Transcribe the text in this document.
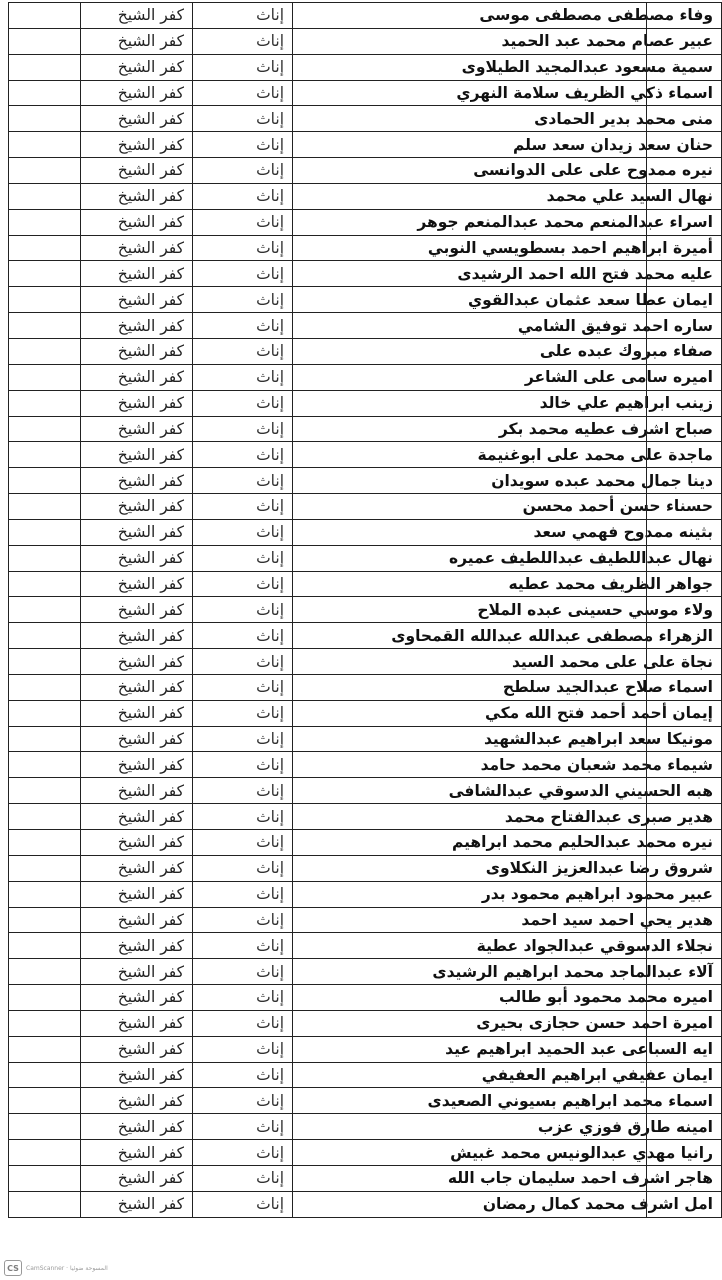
وفاء مصطفى مصطفى موسى	إناث	كفر الشيخ	
عبير عصام محمد عبد الحميد	إناث	كفر الشيخ	
سمية مسعود عبدالمجيد الطيلاوى	إناث	كفر الشيخ	
اسماء ذكي الظريف سلامة النهري	إناث	كفر الشيخ	
منى محمد بدير الحمادى	إناث	كفر الشيخ	
حنان سعد زيدان سعد سلم	إناث	كفر الشيخ	
نيره ممدوح على على الدوانسى	إناث	كفر الشيخ	
نهال السيد علي محمد	إناث	كفر الشيخ	
اسراء عبدالمنعم محمد عبدالمنعم جوهر	إناث	كفر الشيخ	
أميرة ابراهيم احمد بسطويسي النوبي	إناث	كفر الشيخ	
عليه محمد فتح الله احمد الرشيدى	إناث	كفر الشيخ	
ايمان عطا سعد عثمان عبدالقوي	إناث	كفر الشيخ	
ساره احمد توفيق الشامي	إناث	كفر الشيخ	
صفاء مبروك عبده على	إناث	كفر الشيخ	
اميره سامى على الشاعر	إناث	كفر الشيخ	
زينب ابراهيم علي خالد	إناث	كفر الشيخ	
صباح اشرف عطيه محمد بكر	إناث	كفر الشيخ	
ماجدة على محمد على ابوغنيمة	إناث	كفر الشيخ	
دينا جمال محمد عبده سويدان	إناث	كفر الشيخ	
حسناء حسن أحمد محسن	إناث	كفر الشيخ	
بثينه ممدوح فهمي سعد	إناث	كفر الشيخ	
نهال عبداللطيف عبداللطيف عميره	إناث	كفر الشيخ	
جواهر الظريف محمد عطيه	إناث	كفر الشيخ	
ولاء موسي حسينى عبده الملاح	إناث	كفر الشيخ	
الزهراء مصطفى عبدالله عبدالله القمحاوى	إناث	كفر الشيخ	
نجاة على على محمد السيد	إناث	كفر الشيخ	
اسماء صلاح عبدالجيد سلطح	إناث	كفر الشيخ	
إيمان أحمد أحمد فتح الله مكي	إناث	كفر الشيخ	
مونيكا سعد ابراهيم عبدالشهيد	إناث	كفر الشيخ	
شيماء محمد شعبان محمد حامد	إناث	كفر الشيخ	
هبه الحسيني الدسوقي عبدالشافى	إناث	كفر الشيخ	
هدير صبرى عبدالفتاح محمد	إناث	كفر الشيخ	
نيره محمد عبدالحليم محمد ابراهيم	إناث	كفر الشيخ	
شروق رضا عبدالعزيز النكلاوى	إناث	كفر الشيخ	
عبير محمود ابراهيم محمود بدر	إناث	كفر الشيخ	
هدير يحي احمد سيد احمد	إناث	كفر الشيخ	
نجلاء الدسوقي عبدالجواد عطية	إناث	كفر الشيخ	
آلاء عبدالماجد محمد ابراهيم الرشيدى	إناث	كفر الشيخ	
اميره محمد محمود أبو طالب	إناث	كفر الشيخ	
اميرة احمد حسن حجازى بحيرى	إناث	كفر الشيخ	
ايه السباعى عبد الحميد ابراهيم عيد	إناث	كفر الشيخ	
ايمان عفيفي ابراهيم العفيفي	إناث	كفر الشيخ	
اسماء محمد ابراهيم بسيوني الصعيدى	إناث	كفر الشيخ	
امينه طارق فوزي عزب	إناث	كفر الشيخ	
رانيا مهدي عبدالونيس محمد غبيش	إناث	كفر الشيخ	
هاجر اشرف احمد سليمان جاب الله	إناث	كفر الشيخ	
امل اشرف محمد كمال رمضان	إناث	كفر الشيخ	
CS	CamScanner · المسوحة ضوئيا
